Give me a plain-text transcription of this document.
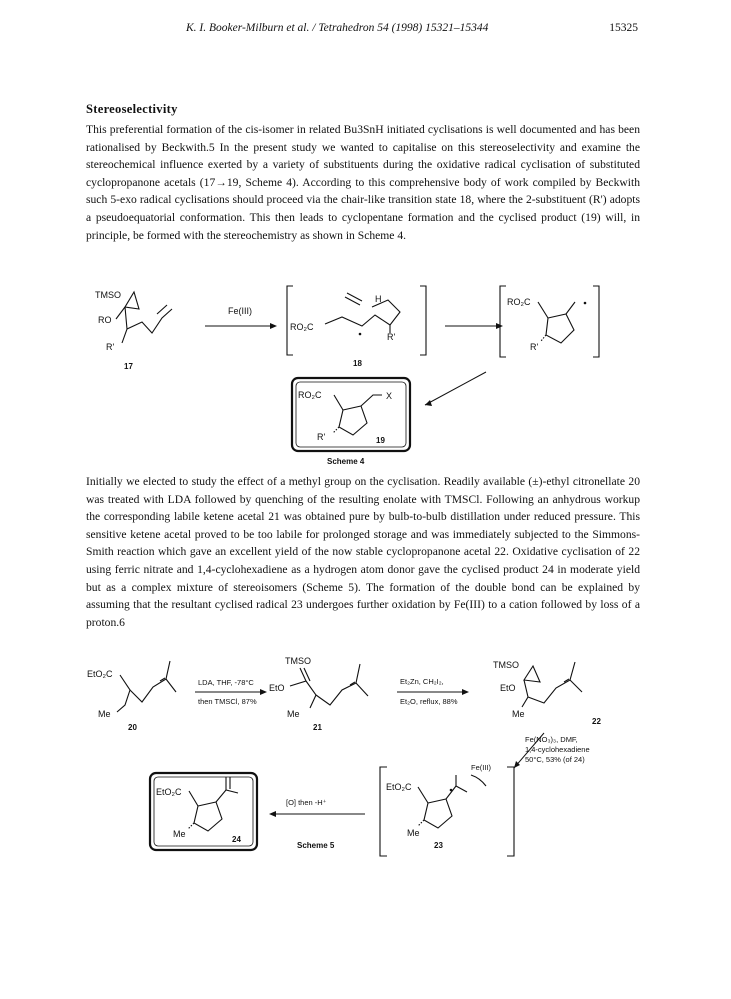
K. I. Booker-Milburn et al. / Tetrahedron 54 (1998) 15321–15344	15325
Stereoselectivity

This preferential formation of the cis-isomer in related Bu3SnH initiated cyclisations is well documented and has been rationalised by Beckwith.5 In the present study we wanted to capitalise on this stereoselectivity and examine the stereochemical influence exerted by a variety of substituents during the oxidative radical cyclisation of substituted cyclopropanone acetals (17→19, Scheme 4). According to this comprehensive body of work compiled by Beckwith such 5-exo radical cyclisations should proceed via the chair-like transition state 18, where the 2-substituent (R') adopts a pseudoequatorial conformation. This then leads to cyclopentane formation and the cyclised product (19) will, in principle, be formed with the stereochemistry as shown in Scheme 4.

Initially we elected to study the effect of a methyl group on the cyclisation. Readily available (±)-ethyl citronellate 20 was treated with LDA followed by quenching of the resulting enolate with TMSCl. Following an anhydrous workup the corresponding labile ketene acetal 21 was obtained pure by bulb-to-bulb distillation under reduced pressure. This sensitive ketene acetal proved to be too labile for prolonged storage and was immediately subjected to the Simmons-Smith reaction which gave an excellent yield of the now stable cyclopropanone acetal 22. Oxidative cyclisation of 22 using ferric nitrate and 1,4-cyclohexadiene as a hydrogen atom donor gave the cyclised product 24 in moderate yield but as a complex mixture of stereoisomers (Scheme 5). The formation of the double bond can be explained by assuming that the resultant cyclised radical 23 undergoes further oxidation by Fe(III) to a cation followed by loss of a proton.6

TMSO
RO
R'
17
Fe(III)
RO₂C
H
R'
18
RO₂C
R'
RO₂C	X
R'	19
Scheme 4
EtO₂C
Me
20
LDA, THF, -78°C
then TMSCl, 87%
TMSO
EtO
Me
21
Et₂Zn, CH₂I₂,
Et₂O, reflux, 88%
TMSO
EtO
Me
22
Fe(NO₃)₃, DMF,
1,4-cyclohexadiene
50°C, 53% (of 24)
Fe(III)
EtO₂C
Me
23
[O] then -H⁺
Scheme 5
EtO₂C
Me
24
